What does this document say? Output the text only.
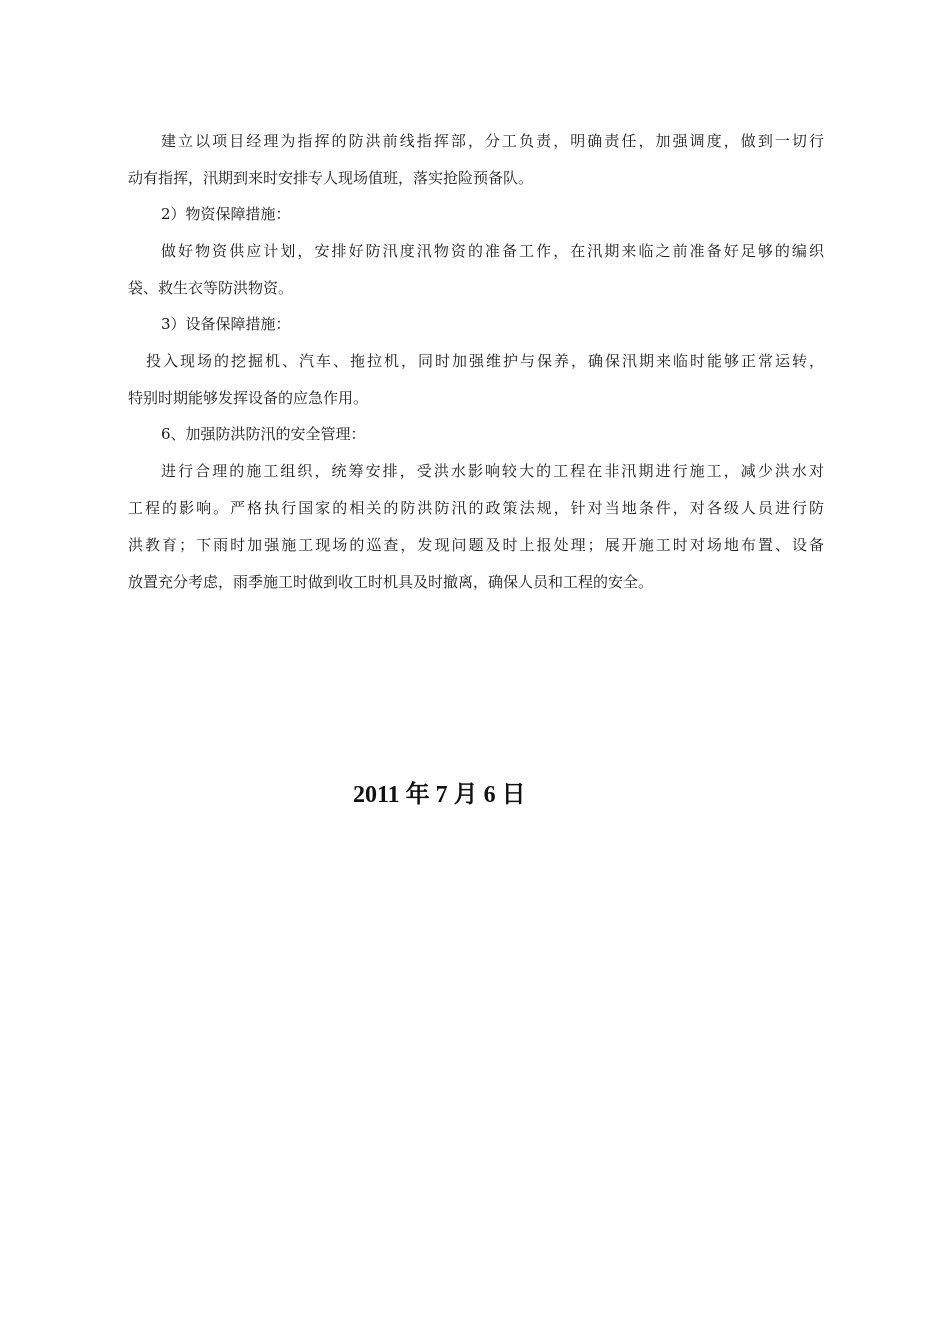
建立以项目经理为指挥的防洪前线指挥部，分工负责，明确责任，加强调度，做到一切行
动有指挥，汛期到来时安排专人现场值班，落实抢险预备队。
2）物资保障措施：
做好物资供应计划，安排好防汛度汛物资的准备工作，在汛期来临之前准备好足够的编织
袋、救生衣等防洪物资。
3）设备保障措施：
投入现场的挖掘机、汽车、拖拉机，同时加强维护与保养，确保汛期来临时能够正常运转，
特别时期能够发挥设备的应急作用。
6、加强防洪防汛的安全管理：
进行合理的施工组织，统筹安排，受洪水影响较大的工程在非汛期进行施工，减少洪水对
工程的影响。严格执行国家的相关的防洪防汛的政策法规，针对当地条件，对各级人员进行防
洪教育；下雨时加强施工现场的巡查，发现问题及时上报处理；展开施工时对场地布置、设备
放置充分考虑，雨季施工时做到收工时机具及时撤离，确保人员和工程的安全。
2011 年 7 月 6 日
